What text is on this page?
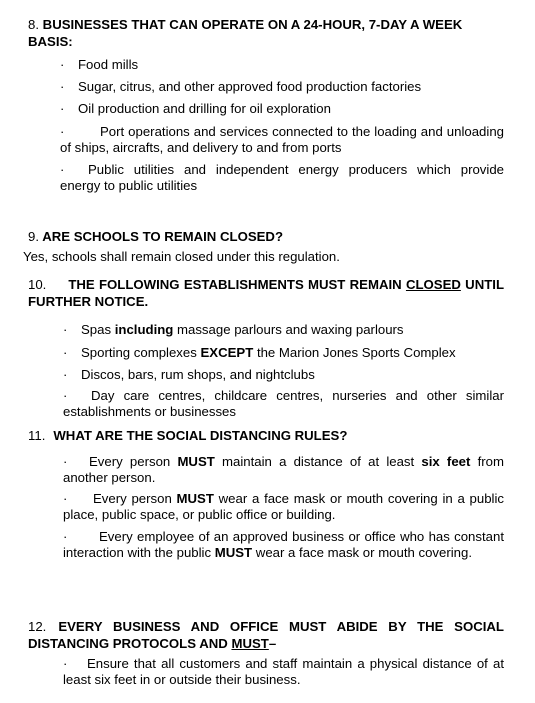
8. BUSINESSES THAT CAN OPERATE ON A 24-HOUR, 7-DAY A WEEK BASIS:
· Food mills
· Sugar, citrus, and other approved food production factories
· Oil production and drilling for oil exploration
·	Port operations and services connected to the loading and unloading of ships, aircrafts, and delivery to and from ports
· Public utilities and independent energy producers which provide energy to public utilities
9. ARE SCHOOLS TO REMAIN CLOSED?
Yes, schools shall remain closed under this regulation.
10. THE FOLLOWING ESTABLISHMENTS MUST REMAIN CLOSED UNTIL FURTHER NOTICE.
· Spas including massage parlours and waxing parlours
· Sporting complexes EXCEPT the Marion Jones Sports Complex
· Discos, bars, rum shops, and nightclubs
· Day care centres, childcare centres, nurseries and other similar establishments or businesses
11. WHAT ARE THE SOCIAL DISTANCING RULES?
· Every person MUST maintain a distance of at least six feet from another person.
· Every person MUST wear a face mask or mouth covering in a public place, public space, or public office or building.
· Every employee of an approved business or office who has constant interaction with the public MUST wear a face mask or mouth covering.
12. EVERY BUSINESS AND OFFICE MUST ABIDE BY THE SOCIAL DISTANCING PROTOCOLS AND MUST–
· Ensure that all customers and staff maintain a physical distance of at least six feet in or outside their business.
